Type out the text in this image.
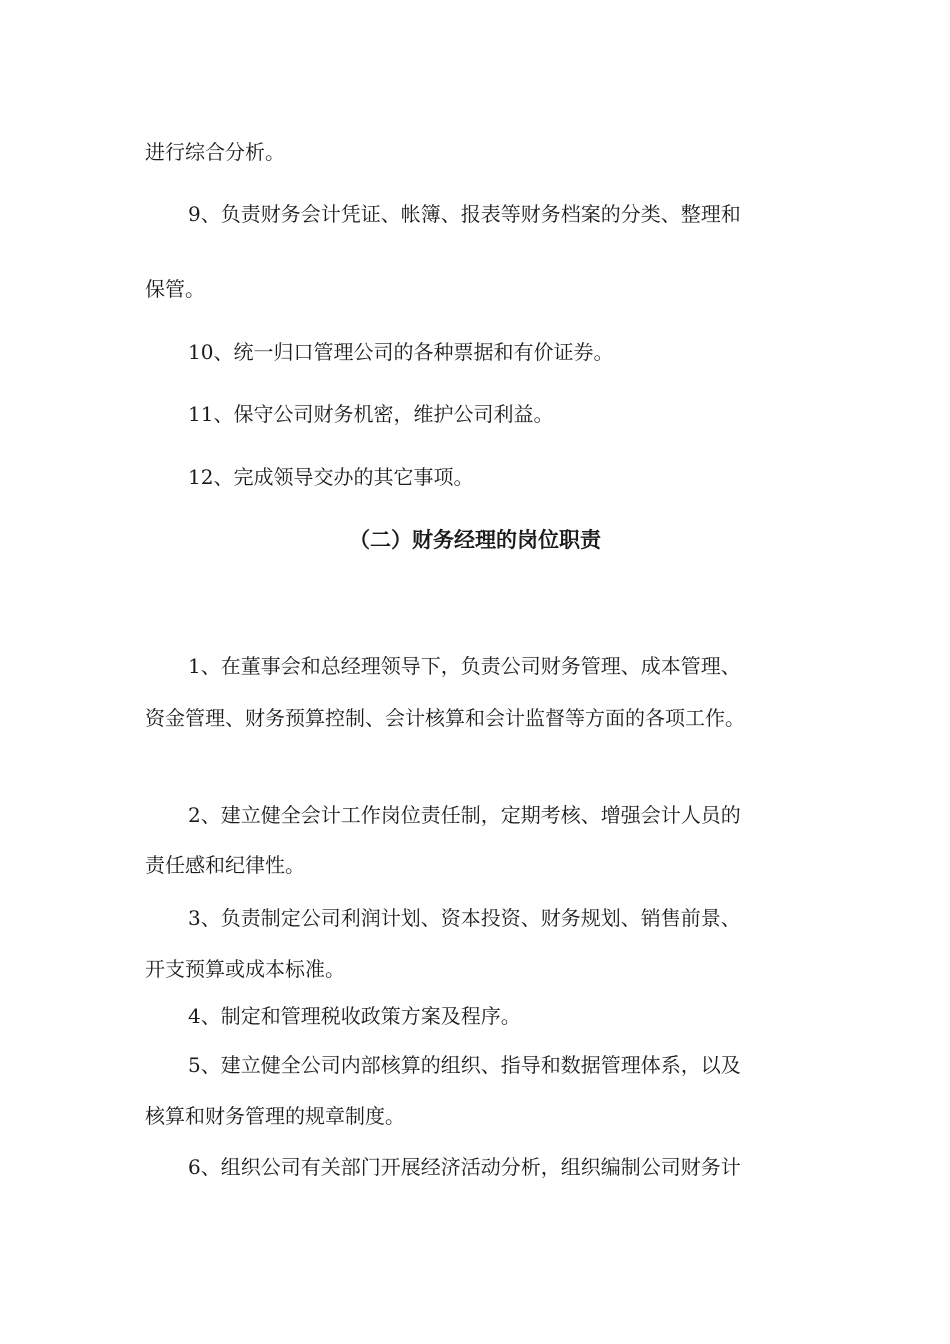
进行综合分析。
9、负责财务会计凭证、帐簿、报表等财务档案的分类、整理和
保管。
10、统一归口管理公司的各种票据和有价证券。
11、保守公司财务机密，维护公司利益。
12、完成领导交办的其它事项。
（二）财务经理的岗位职责
1、在董事会和总经理领导下，负责公司财务管理、成本管理、
资金管理、财务预算控制、会计核算和会计监督等方面的各项工作。
2、建立健全会计工作岗位责任制，定期考核、增强会计人员的
责任感和纪律性。
3、负责制定公司利润计划、资本投资、财务规划、销售前景、
开支预算或成本标准。
4、制定和管理税收政策方案及程序。
5、建立健全公司内部核算的组织、指导和数据管理体系，以及
核算和财务管理的规章制度。
6、组织公司有关部门开展经济活动分析，组织编制公司财务计
